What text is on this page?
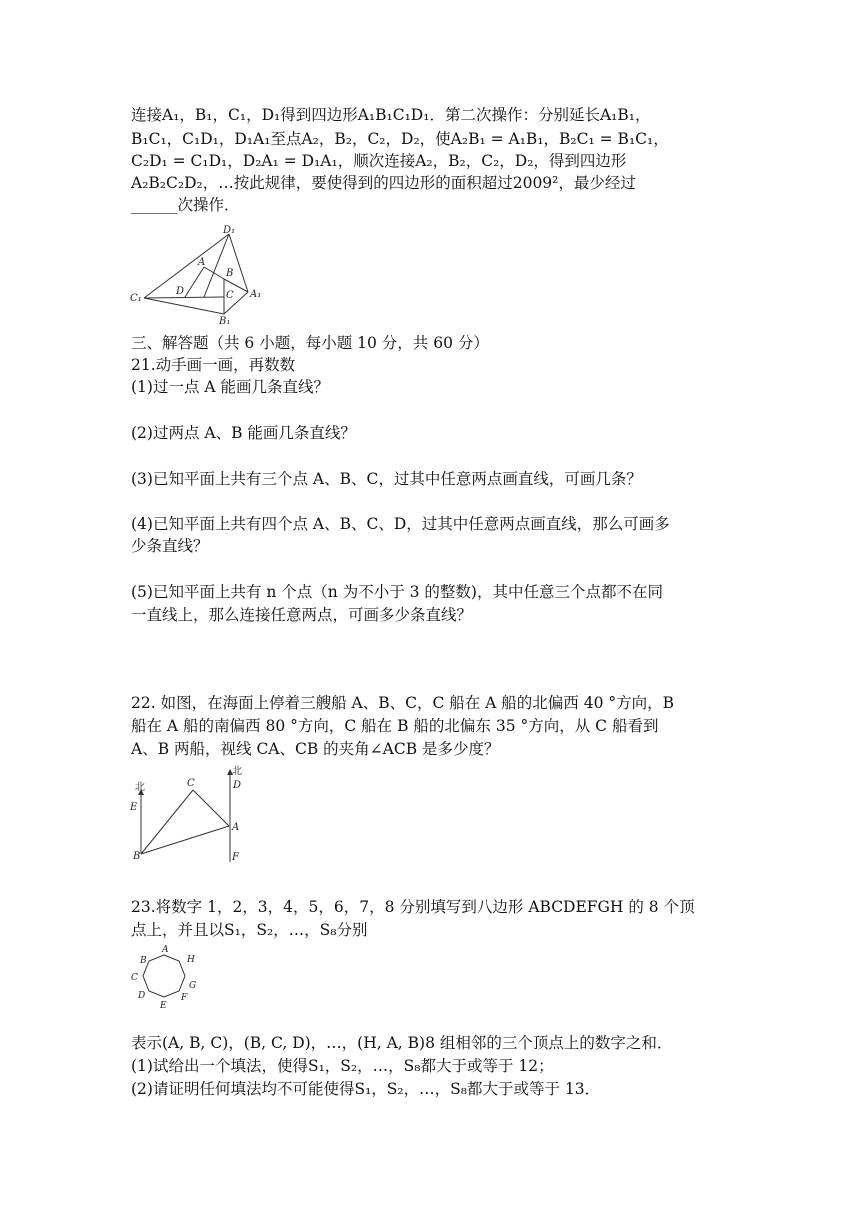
连接A₁，B₁，C₁，D₁得到四边形A₁B₁C₁D₁．第二次操作：分别延长A₁B₁，
B₁C₁，C₁D₁，D₁A₁至点A₂，B₂，C₂，D₂，使A₂B₁ = A₁B₁，B₂C₁ = B₁C₁，
C₂D₁ = C₁D₁，D₂A₁ = D₁A₁，顺次连接A₂，B₂，C₂，D₂，得到四边形
A₂B₂C₂D₂，…按此规律，要使得到的四边形的面积超过2009²，最少经过
______次操作．
D₁
A
B
D	C
C₁	A₁
B₁
三、解答题（共 6 小题，每小题 10 分，共 60 分）
21.动手画一画，再数数
(1)过一点 A 能画几条直线？
(2)过两点 A、B 能画几条直线？
(3)已知平面上共有三个点 A、B、C，过其中任意两点画直线，可画几条？
(4)已知平面上共有四个点 A、B、C、D，过其中任意两点画直线，那么可画多
少条直线？
(5)已知平面上共有 n 个点（n 为不小于 3 的整数)，其中任意三个点都不在同
一直线上，那么连接任意两点，可画多少条直线？
22. 如图，在海面上停着三艘船 A、B、C，C 船在 A 船的北偏西 40 °方向，B
船在 A 船的南偏西 80 °方向，C 船在 B 船的北偏东 35 °方向，从 C 船看到
A、B 两船，视线 CA、CB 的夹角∠ACB 是多少度？
北
北
E
C	D
A
B	F
23.将数字 1，2，3，4，5，6，7，8 分别填写到八边形 ABCDEFGH 的 8 个顶
点上，并且以S₁，S₂，…，S₈分别
A
B
C
D
E
F
G
H
表示(A, B, C)，(B, C, D)，…，(H, A, B)8 组相邻的三个顶点上的数字之和．
(1)试给出一个填法，使得S₁，S₂，…，S₈都大于或等于 12；
(2)请证明任何填法均不可能使得S₁，S₂，…，S₈都大于或等于 13．
